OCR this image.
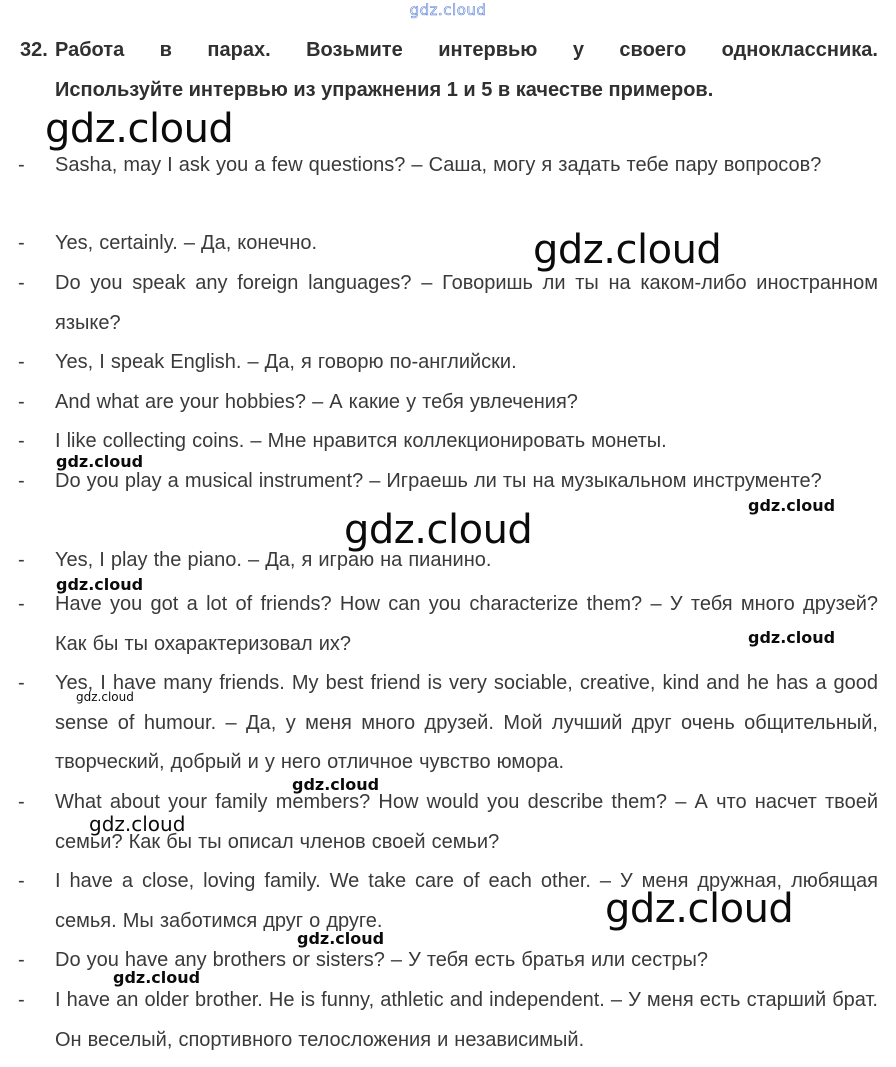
gdz.cloud
32. Работа в парах. Возьмите интервью у своего одноклассника.
Используйте интервью из упражнения 1 и 5 в качестве примеров.
- Sasha, may I ask you a few questions? – Саша, могу я задать тебе пару вопросов?
- Yes, certainly. – Да, конечно.
- Do you speak any foreign languages? – Говоришь ли ты на каком-либо иностранном языке?
- Yes, I speak English. – Да, я говорю по-английски.
- And what are your hobbies? – А какие у тебя увлечения?
- I like collecting coins. – Мне нравится коллекционировать монеты.
- Do you play a musical instrument? – Играешь ли ты на музыкальном инструменте?
- Yes, I play the piano. – Да, я играю на пианино.
- Have you got a lot of friends? How can you characterize them? – У тебя много друзей? Как бы ты охарактеризовал их?
- Yes, I have many friends. My best friend is very sociable, creative, kind and he has a good sense of humour. – Да, у меня много друзей. Мой лучший друг очень общительный, творческий, добрый и у него отличное чувство юмора.
- What about your family members? How would you describe them? – А что насчет твоей семьи? Как бы ты описал членов своей семьи?
- I have a close, loving family. We take care of each other. – У меня дружная, любящая семья. Мы заботимся друг о друге.
- Do you have any brothers or sisters? – У тебя есть братья или сестры?
- I have an older brother. He is funny, athletic and independent. – У меня есть старший брат. Он веселый, спортивного телосложения и независимый.
gdz.cloud
gdz.cloud
gdz.cloud
gdz.cloud
gdz.cloud
gdz.cloud
gdz.cloud
gdz.cloud
gdz.cloud
gdz.cloud
gdz.cloud
gdz.cloud
gdz.cloud
